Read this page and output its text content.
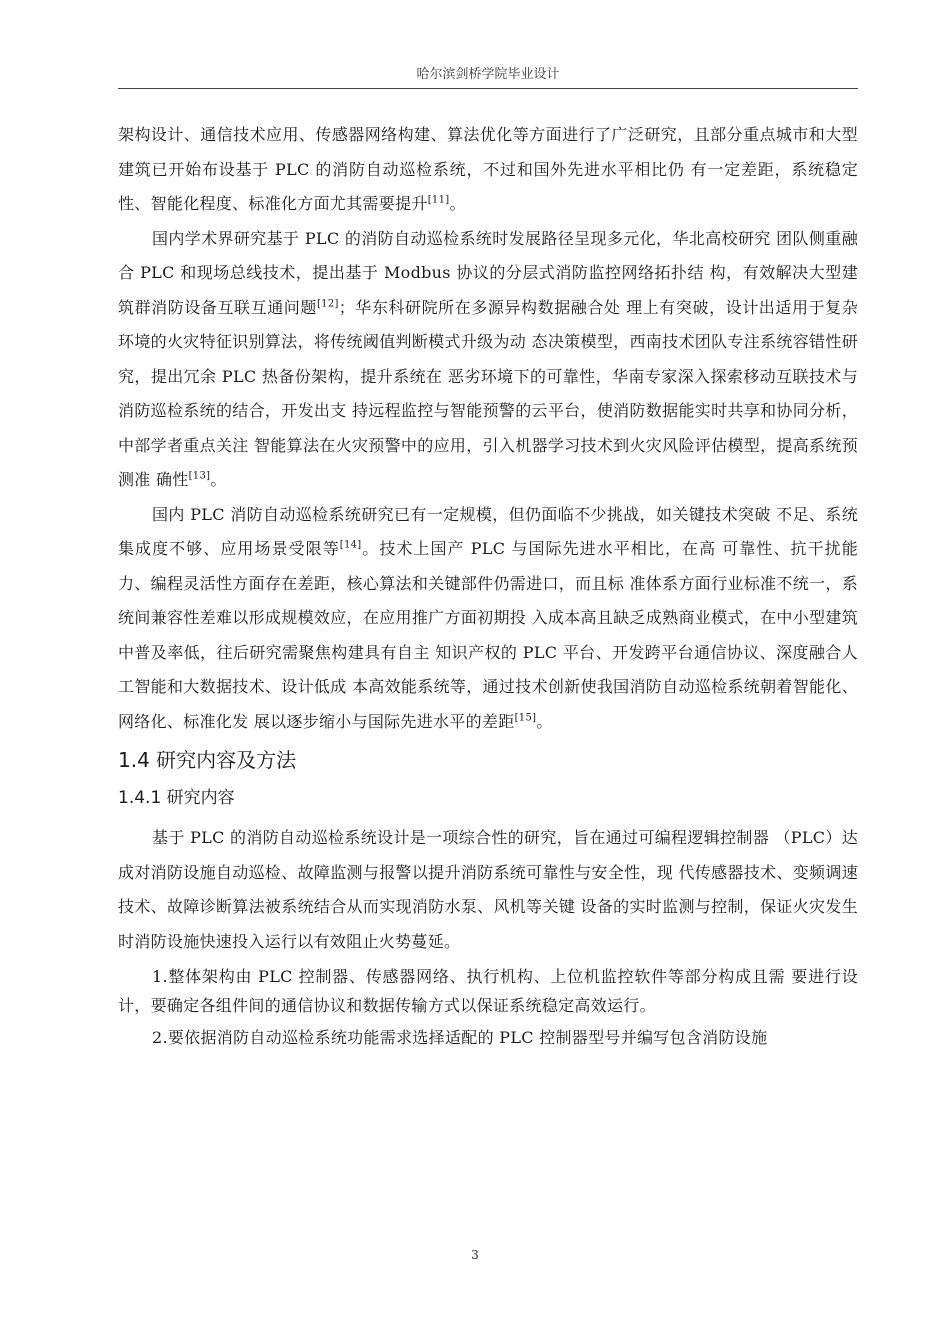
哈尔滨剑桥学院毕业设计

架构设计、通信技术应用、传感器网络构建、算法优化等方面进行了广泛研究，且部分重点城市和大型建筑已开始布设基于 PLC 的消防自动巡检系统，不过和国外先进水平相比仍 有一定差距，系统稳定性、智能化程度、标准化方面尤其需要提升[11]。

国内学术界研究基于 PLC 的消防自动巡检系统时发展路径呈现多元化，华北高校研究 团队侧重融合 PLC 和现场总线技术，提出基于 Modbus 协议的分层式消防监控网络拓扑结 构，有效解决大型建筑群消防设备互联互通问题[12]；华东科研院所在多源异构数据融合处 理上有突破，设计出适用于复杂环境的火灾特征识别算法，将传统阈值判断模式升级为动 态决策模型，西南技术团队专注系统容错性研究，提出冗余 PLC 热备份架构，提升系统在 恶劣环境下的可靠性，华南专家深入探索移动互联技术与消防巡检系统的结合，开发出支 持远程监控与智能预警的云平台，使消防数据能实时共享和协同分析，中部学者重点关注 智能算法在火灾预警中的应用，引入机器学习技术到火灾风险评估模型，提高系统预测准 确性[13]。

国内 PLC 消防自动巡检系统研究已有一定规模，但仍面临不少挑战，如关键技术突破 不足、系统集成度不够、应用场景受限等[14]。技术上国产 PLC 与国际先进水平相比，在高 可靠性、抗干扰能力、编程灵活性方面存在差距，核心算法和关键部件仍需进口，而且标 准体系方面行业标准不统一，系统间兼容性差难以形成规模效应，在应用推广方面初期投 入成本高且缺乏成熟商业模式，在中小型建筑中普及率低，往后研究需聚焦构建具有自主 知识产权的 PLC 平台、开发跨平台通信协议、深度融合人工智能和大数据技术、设计低成 本高效能系统等，通过技术创新使我国消防自动巡检系统朝着智能化、网络化、标准化发 展以逐步缩小与国际先进水平的差距[15]。

1.4 研究内容及方法
1.4.1 研究内容

基于 PLC 的消防自动巡检系统设计是一项综合性的研究，旨在通过可编程逻辑控制器 （PLC）达成对消防设施自动巡检、故障监测与报警以提升消防系统可靠性与安全性，现 代传感器技术、变频调速技术、故障诊断算法被系统结合从而实现消防水泵、风机等关键 设备的实时监测与控制，保证火灾发生时消防设施快速投入运行以有效阻止火势蔓延。

1.整体架构由 PLC 控制器、传感器网络、执行机构、上位机监控软件等部分构成且需 要进行设计，要确定各组件间的通信协议和数据传输方式以保证系统稳定高效运行。

2.要依据消防自动巡检系统功能需求选择适配的 PLC 控制器型号并编写包含消防设施

3
